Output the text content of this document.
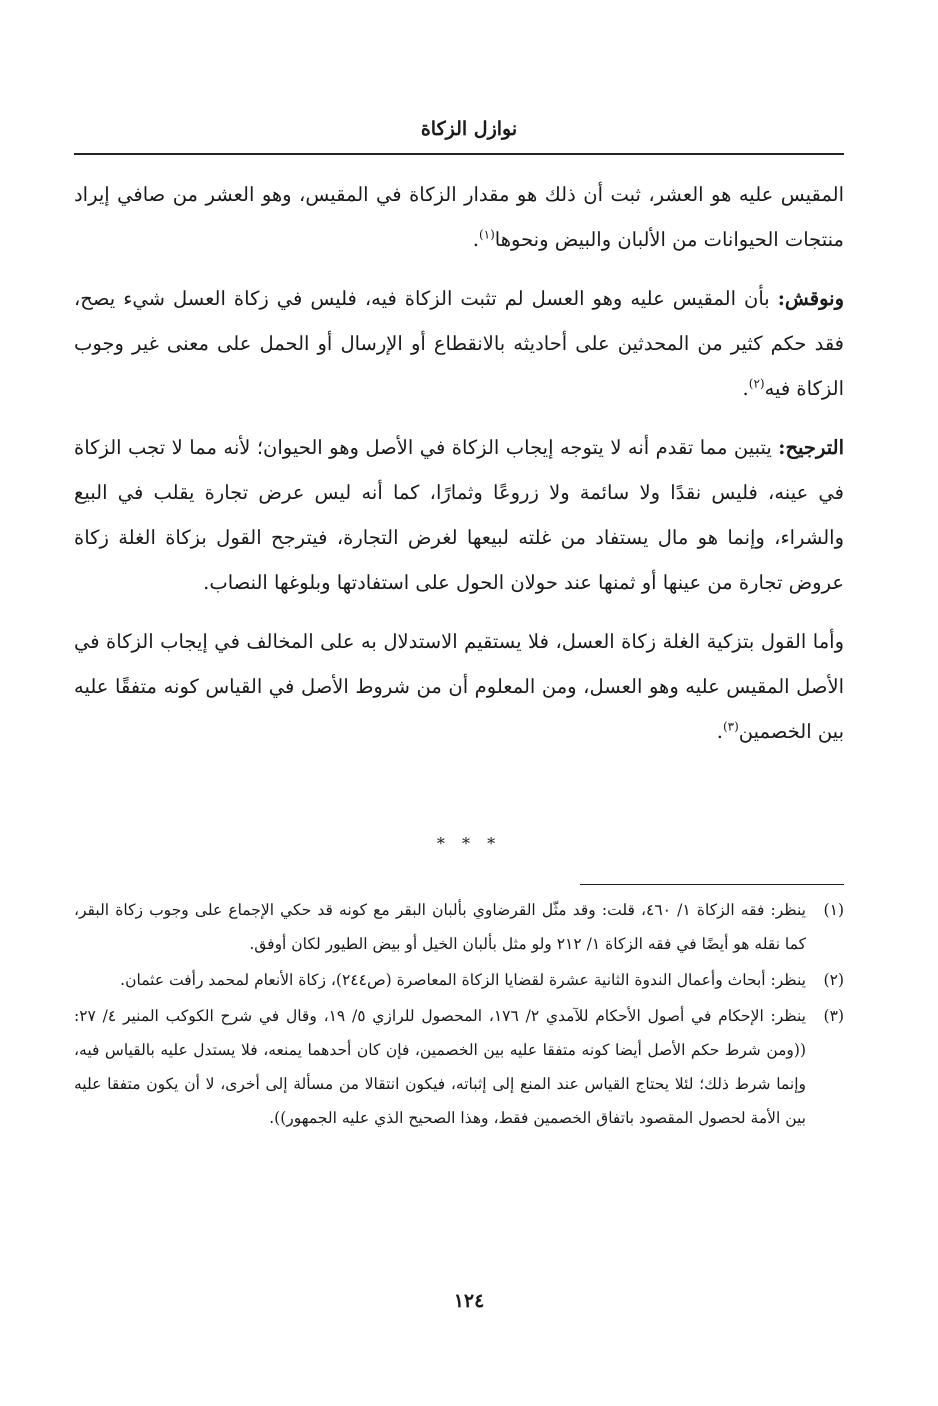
نوازل الزكاة

المقيس عليه هو العشر، ثبت أن ذلك هو مقدار الزكاة في المقيس، وهو العشر من صافي إيراد منتجات الحيوانات من الألبان والبيض ونحوها$^{(١)}$.

ونوقش: بأن المقيس عليه وهو العسل لم تثبت الزكاة فيه، فليس في زكاة العسل شيء يصح، فقد حكم كثير من المحدثين على أحاديثه بالانقطاع أو الإرسال أو الحمل على معنى غير وجوب الزكاة فيه$^{(٢)}$.

الترجيح: يتبين مما تقدم أنه لا يتوجه إيجاب الزكاة في الأصل وهو الحيوان؛ لأنه مما لا تجب الزكاة في عينه، فليس نقدًا ولا سائمة ولا زروعًا وثمارًا، كما أنه ليس عرض تجارة يقلب في البيع والشراء، وإنما هو مال يستفاد من غلته لبيعها لغرض التجارة، فيترجح القول بزكاة الغلة زكاة عروض تجارة من عينها أو ثمنها عند حولان الحول على استفادتها وبلوغها النصاب.

وأما القول بتزكية الغلة زكاة العسل، فلا يستقيم الاستدلال به على المخالف في إيجاب الزكاة في الأصل المقيس عليه وهو العسل، ومن المعلوم أن من شروط الأصل في القياس كونه متفقًا عليه بين الخصمين$^{(٣)}$.

* * *
(١)
ينظر: فقه الزكاة ١/ ٤٦٠، قلت: وقد مثّل القرضاوي بألبان البقر مع كونه قد حكي الإجماع على وجوب زكاة البقر، كما نقله هو أيضًا في فقه الزكاة ١/ ٢١٢ ولو مثل بألبان الخيل أو بيض الطيور لكان أوفق.
(٢)
ينظر: أبحاث وأعمال الندوة الثانية عشرة لقضايا الزكاة المعاصرة (ص٢٤٤)، زكاة الأنعام لمحمد رأفت عثمان.
(٣)
ينظر: الإحكام في أصول الأحكام للآمدي ٢/ ١٧٦، المحصول للرازي ٥/ ١٩، وقال في شرح الكوكب المنير ٤/ ٢٧: ((ومن شرط حكم الأصل أيضا كونه متفقا عليه بين الخصمين، فإن كان أحدهما يمنعه، فلا يستدل عليه بالقياس فيه، وإنما شرط ذلك؛ لئلا يحتاج القياس عند المنع إلى إثباته، فيكون انتقالا من مسألة إلى أخرى، لا أن يكون متفقا عليه بين الأمة لحصول المقصود باتفاق الخصمين فقط، وهذا الصحيح الذي عليه الجمهور)).
١٢٤
